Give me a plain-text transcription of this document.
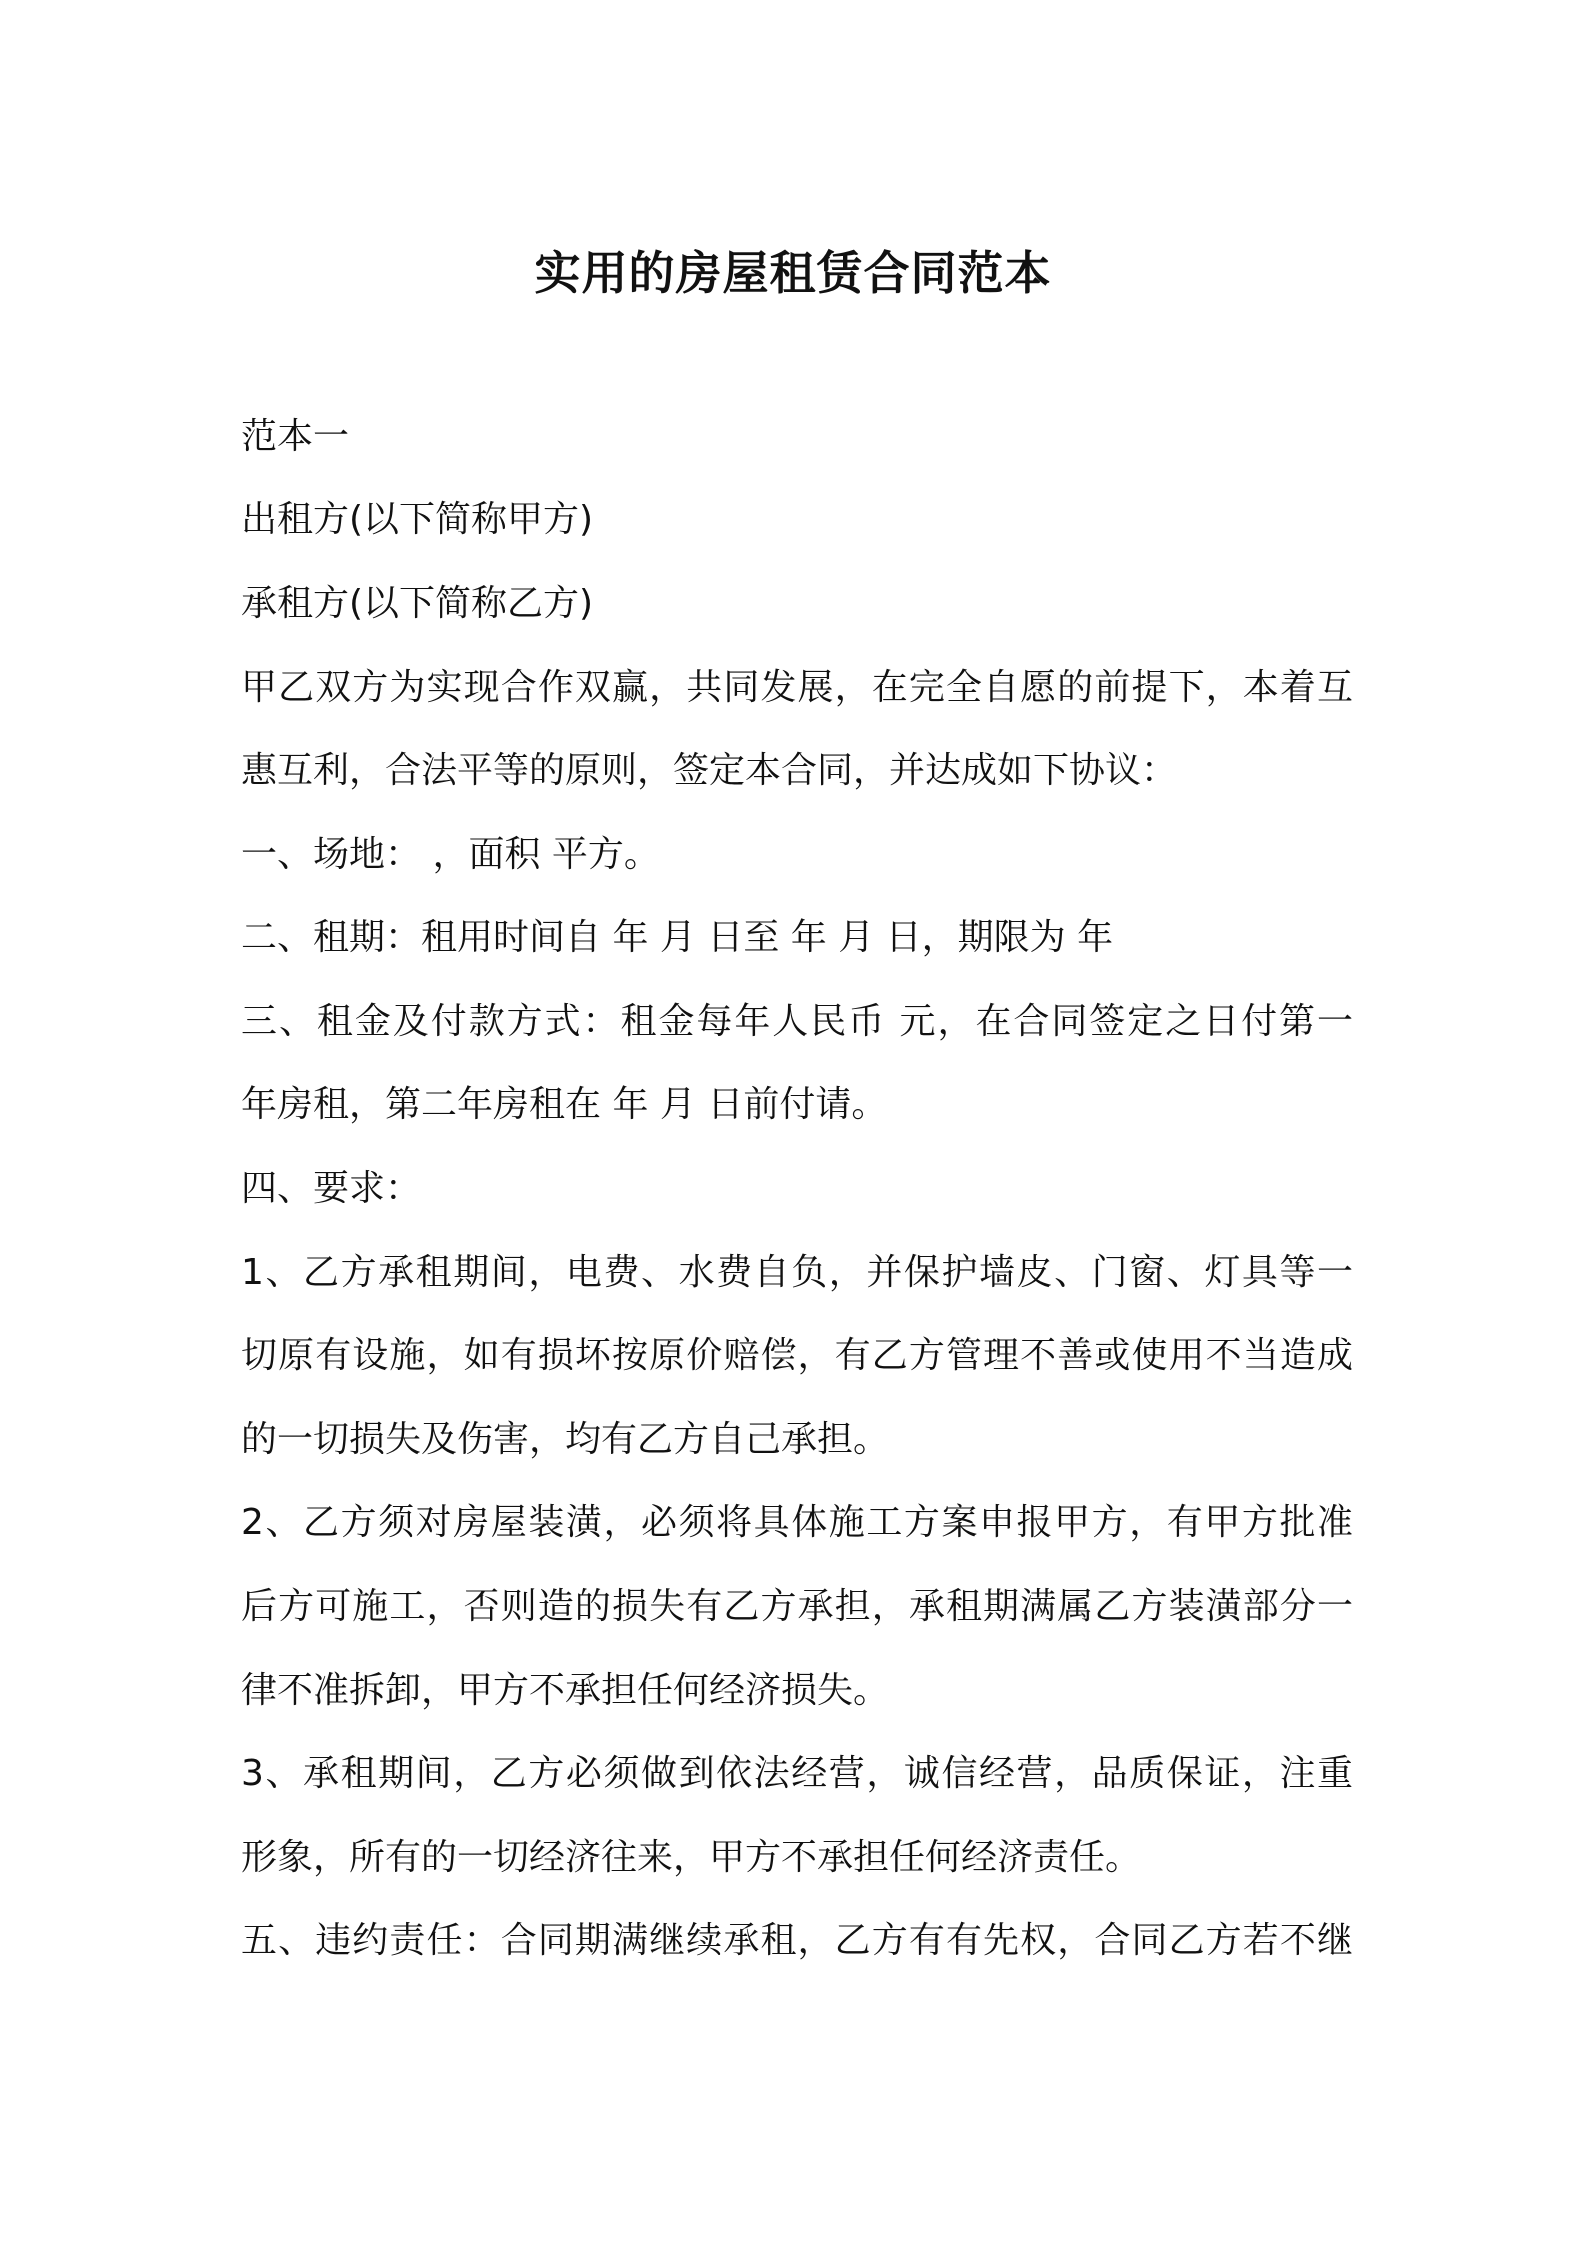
实用的房屋租赁合同范本

范本一

出租方(以下简称甲方)

承租方(以下简称乙方)

甲乙双方为实现合作双赢，共同发展，在完全自愿的前提下，本着互

惠互利，合法平等的原则，签定本合同，并达成如下协议：

一、场地： ，面积 平方。

二、租期：租用时间自 年 月 日至 年 月 日，期限为 年

三、租金及付款方式：租金每年人民币 元，在合同签定之日付第一

年房租，第二年房租在 年 月 日前付请。

四、要求：

1、乙方承租期间，电费、水费自负，并保护墙皮、门窗、灯具等一

切原有设施，如有损坏按原价赔偿，有乙方管理不善或使用不当造成

的一切损失及伤害，均有乙方自己承担。

2、乙方须对房屋装潢，必须将具体施工方案申报甲方，有甲方批准

后方可施工，否则造的损失有乙方承担，承租期满属乙方装潢部分一

律不准拆卸，甲方不承担任何经济损失。

3、承租期间，乙方必须做到依法经营，诚信经营，品质保证，注重

形象，所有的一切经济往来，甲方不承担任何经济责任。

五、违约责任：合同期满继续承租，乙方有有先权，合同乙方若不继
